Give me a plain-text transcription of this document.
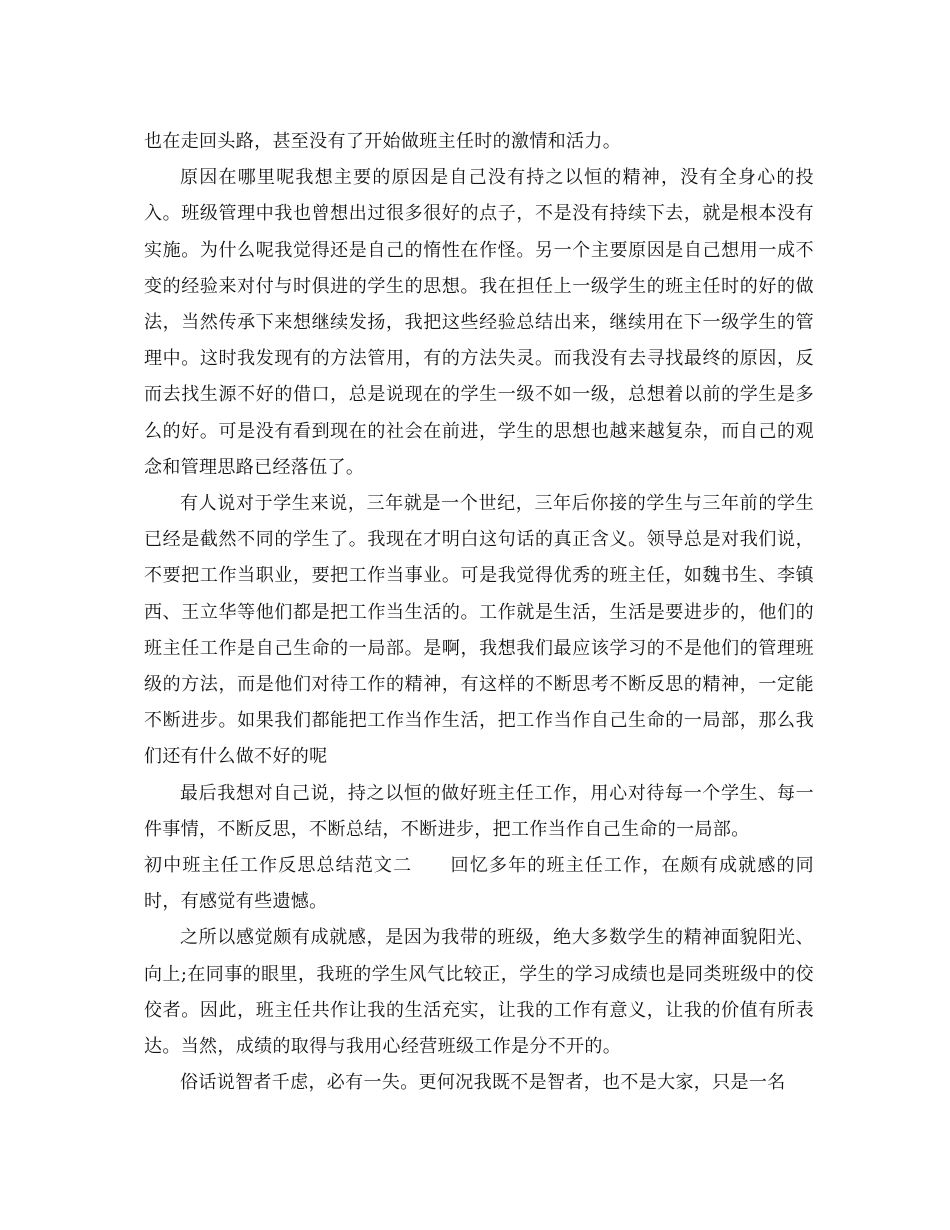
也在走回头路，甚至没有了开始做班主任时的激情和活力。

原因在哪里呢我想主要的原因是自己没有持之以恒的精神，没有全身心的投入。班级管理中我也曾想出过很多很好的点子，不是没有持续下去，就是根本没有实施。为什么呢我觉得还是自己的惰性在作怪。另一个主要原因是自己想用一成不变的经验来对付与时俱进的学生的思想。我在担任上一级学生的班主任时的好的做法，当然传承下来想继续发扬，我把这些经验总结出来，继续用在下一级学生的管理中。这时我发现有的方法管用，有的方法失灵。而我没有去寻找最终的原因，反而去找生源不好的借口，总是说现在的学生一级不如一级，总想着以前的学生是多么的好。可是没有看到现在的社会在前进，学生的思想也越来越复杂，而自己的观念和管理思路已经落伍了。

有人说对于学生来说，三年就是一个世纪，三年后你接的学生与三年前的学生已经是截然不同的学生了。我现在才明白这句话的真正含义。领导总是对我们说，不要把工作当职业，要把工作当事业。可是我觉得优秀的班主任，如魏书生、李镇西、王立华等他们都是把工作当生活的。工作就是生活，生活是要进步的，他们的班主任工作是自己生命的一局部。是啊，我想我们最应该学习的不是他们的管理班级的方法，而是他们对待工作的精神，有这样的不断思考不断反思的精神，一定能不断进步。如果我们都能把工作当作生活，把工作当作自己生命的一局部，那么我们还有什么做不好的呢

最后我想对自己说，持之以恒的做好班主任工作，用心对待每一个学生、每一件事情，不断反思，不断总结，不断进步，把工作当作自己生命的一局部。

初中班主任工作反思总结范文二　　回忆多年的班主任工作，在颇有成就感的同时，有感觉有些遗憾。

之所以感觉颇有成就感，是因为我带的班级，绝大多数学生的精神面貌阳光、向上;在同事的眼里，我班的学生风气比较正，学生的学习成绩也是同类班级中的佼佼者。因此，班主任共作让我的生活充实，让我的工作有意义，让我的价值有所表达。当然，成绩的取得与我用心经营班级工作是分不开的。

俗话说智者千虑，必有一失。更何况我既不是智者，也不是大家，只是一名
